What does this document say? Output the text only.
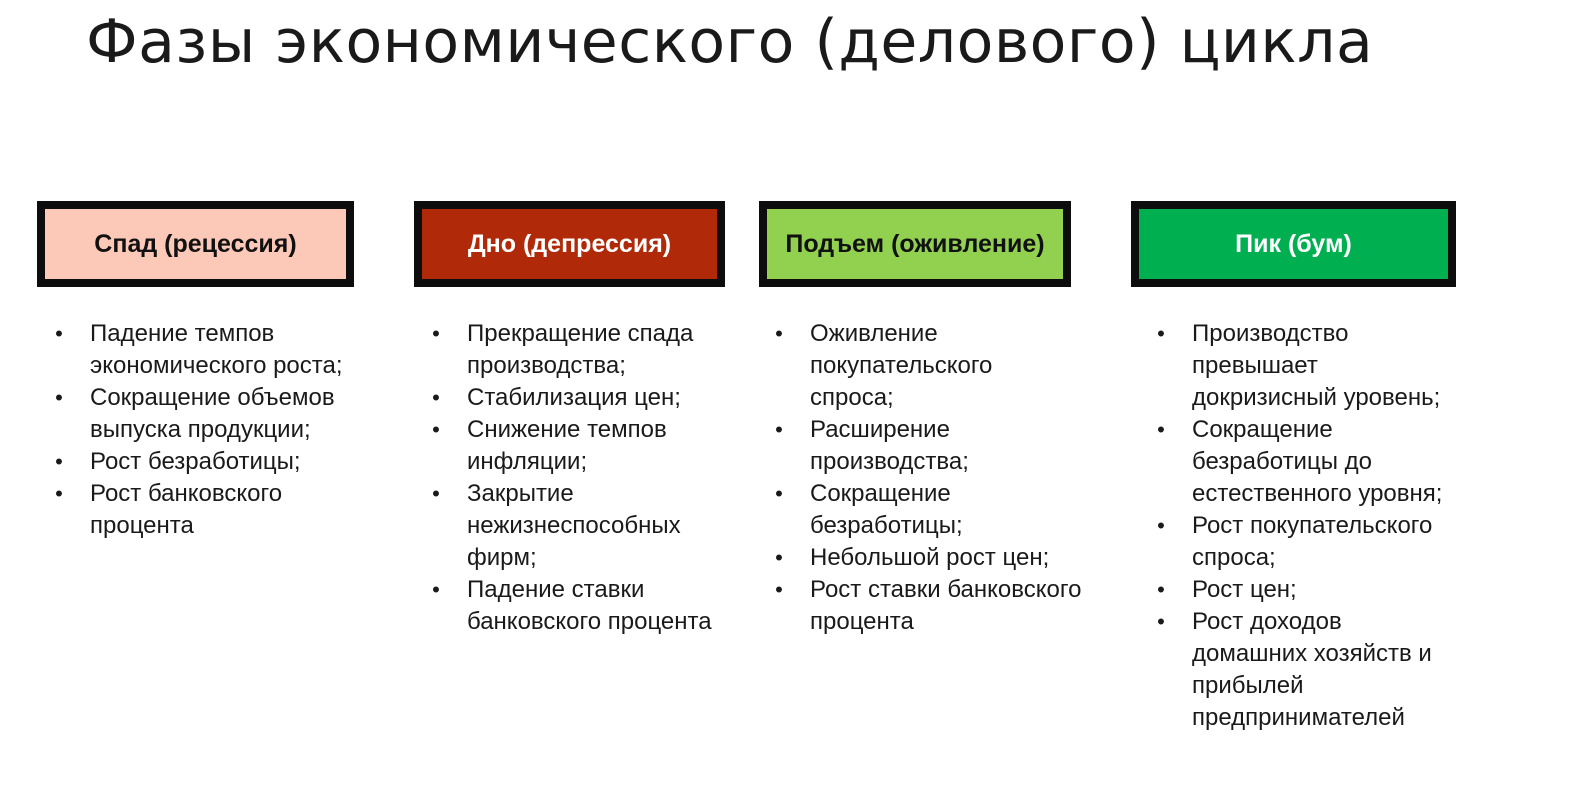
Фазы экономического (делового) цикла
Спад (рецессия)
• Падение темпов экономического роста;
• Сокращение объемов выпуска продукции;
• Рост безработицы;
• Рост банковского процента
Дно (депрессия)
• Прекращение спада производства;
• Стабилизация цен;
• Снижение темпов инфляции;
• Закрытие нежизнеспособных фирм;
• Падение ставки банковского процента
Подъем (оживление)
• Оживление покупательского спроса;
• Расширение производства;
• Сокращение безработицы;
• Небольшой рост цен;
• Рост ставки банковского процента
Пик (бум)
• Производство превышает докризисный уровень;
• Сокращение безработицы до естественного уровня;
• Рост покупательского спроса;
• Рост цен;
• Рост доходов домашних хозяйств и прибылей предпринимателей
